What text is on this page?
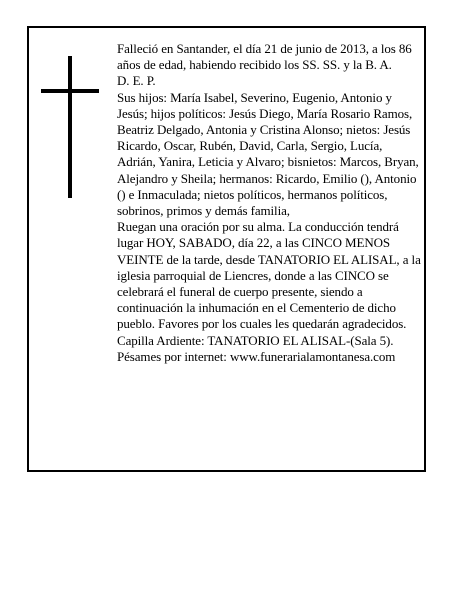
Falleció en Santander, el día 21 de junio de 2013, a los 86 años de edad, habiendo recibido los SS. SS. y la B. A.

D. E. P.

Sus hijos: María Isabel, Severino, Eugenio, Antonio y Jesús; hijos políticos: Jesús Diego, María Rosario Ramos, Beatriz Delgado, Antonia y Cristina Alonso; nietos: Jesús Ricardo, Oscar, Rubén, David, Carla, Sergio, Lucía, Adrián, Yanira, Leticia y Alvaro; bisnietos: Marcos, Bryan, Alejandro y Sheila; hermanos: Ricardo, Emilio (), Antonio () e Inmaculada; nietos políticos, hermanos políticos, sobrinos, primos y demás familia,

Ruegan una oración por su alma. La conducción tendrá lugar HOY, SABADO, día 22, a las CINCO MENOS VEINTE de la tarde, desde TANATORIO EL ALISAL, a la iglesia parroquial de Liencres, donde a las CINCO se celebrará el funeral de cuerpo presente, siendo a continuación la inhumación en el Cementerio de dicho pueblo. Favores por los cuales les quedarán agradecidos. Capilla Ardiente: TANATORIO EL ALISAL-(Sala 5).

Pésames por internet: www.funerarialamontanesa.com
